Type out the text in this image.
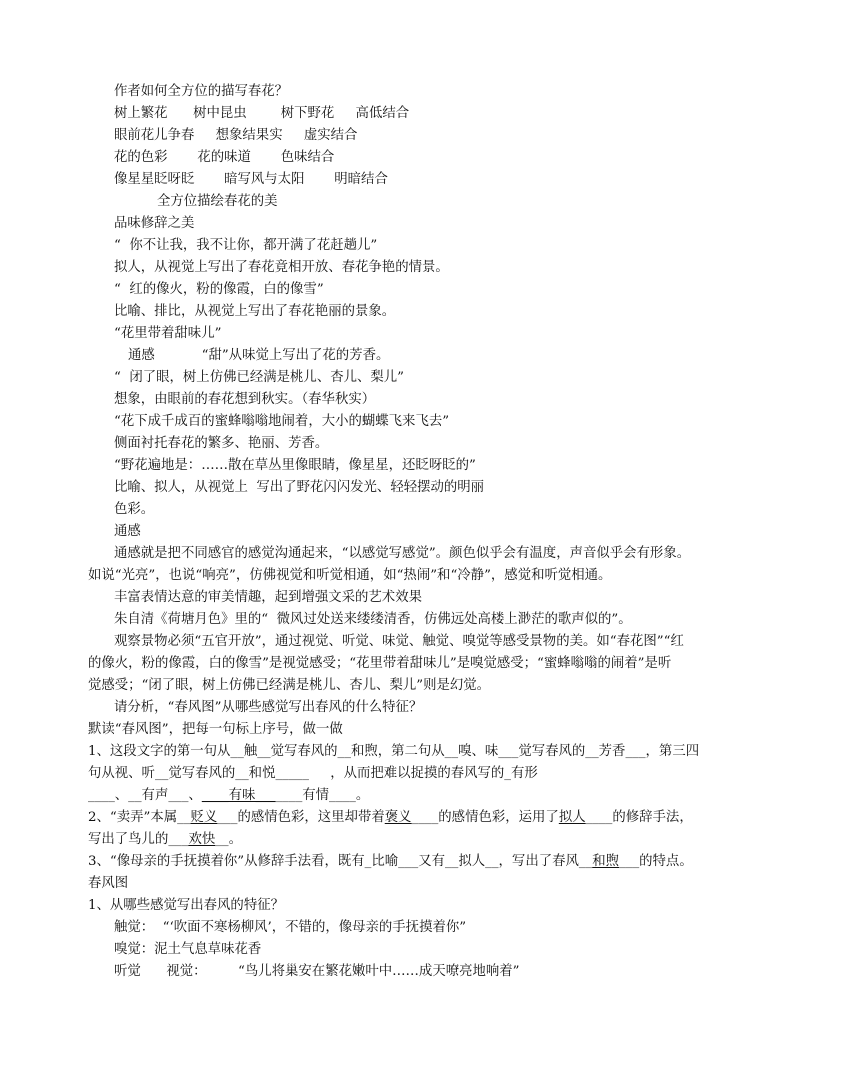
作者如何全方位的描写春花？
树上繁花      树中昆虫        树下野花     高低结合
眼前花儿争春     想象结果实     虚实结合
花的色彩       花的味道       色味结合
像星星眨呀眨       暗写风与太阳       明暗结合
全方位描绘春花的美
品味修辞之美
“  你不让我，我不让你，都开满了花赶趟儿”
拟人，从视觉上写出了春花竟相开放、春花争艳的情景。
“  红的像火，粉的像霞，白的像雪”
比喻、排比，从视觉上写出了春花艳丽的景象。
“花里带着甜味儿”
通感           “甜”从味觉上写出了花的芳香。
“  闭了眼，树上仿佛已经满是桃儿、杏儿、梨儿”
想象，由眼前的春花想到秋实。（春华秋实）
“花下成千成百的蜜蜂嗡嗡地闹着，大小的蝴蝶飞来飞去”
侧面衬托春花的繁多、艳丽、芳香。
“野花遍地是：……散在草丛里像眼睛，像星星，还眨呀眨的”
比喻、拟人，从视觉上  写出了野花闪闪发光、轻轻摆动的明丽
色彩。
通感
通感就是把不同感官的感觉沟通起来，“以感觉写感觉”。颜色似乎会有温度，声音似乎会有形象。
如说“光亮”，也说“响亮”，仿佛视觉和听觉相通，如“热闹”和“冷静”，感觉和听觉相通。
丰富表情达意的审美情趣，起到增强文采的艺术效果
朱自清《荷塘月色》里的“  微风过处送来缕缕清香，仿佛远处高楼上渺茫的歌声似的”。
观察景物必须“五官开放”，通过视觉、听觉、味觉、触觉、嗅觉等感受景物的美。如“春花图”“红
的像火，粉的像霞，白的像雪”是视觉感受；“花里带着甜味儿”是嗅觉感受；“蜜蜂嗡嗡的闹着”是听
觉感受；“闭了眼，树上仿佛已经满是桃儿、杏儿、梨儿”则是幻觉。
请分析，“春风图”从哪些感觉写出春风的什么特征？
默读“春风图”，把每一句标上序号，做一做
1、这段文字的第一句从__触__觉写春风的__和煦，第二句从__嗅、味___觉写春风的__芳香___，第三四
句从视、听__觉写春风的__和悦_____     ，从而把难以捉摸的春风写的_有形
____、__有声___、____有味_______有情____。
2、“卖弄”本属__贬义___的感情色彩，这里却带着褒义____的感情色彩，运用了拟人____的修辞手法，
写出了鸟儿的___欢快__。
3、“像母亲的手抚摸着你”从修辞手法看，既有_比喻___又有__拟人__，写出了春风__和煦___的特点。
春风图
1、从哪些感觉写出春风的特征？
触觉：  “‘吹面不寒杨柳风’，不错的，像母亲的手抚摸着你”
嗅觉：泥土气息草味花香
听觉      视觉： “鸟儿将巢安在繁花嫩叶中……成天嘹亮地响着”
